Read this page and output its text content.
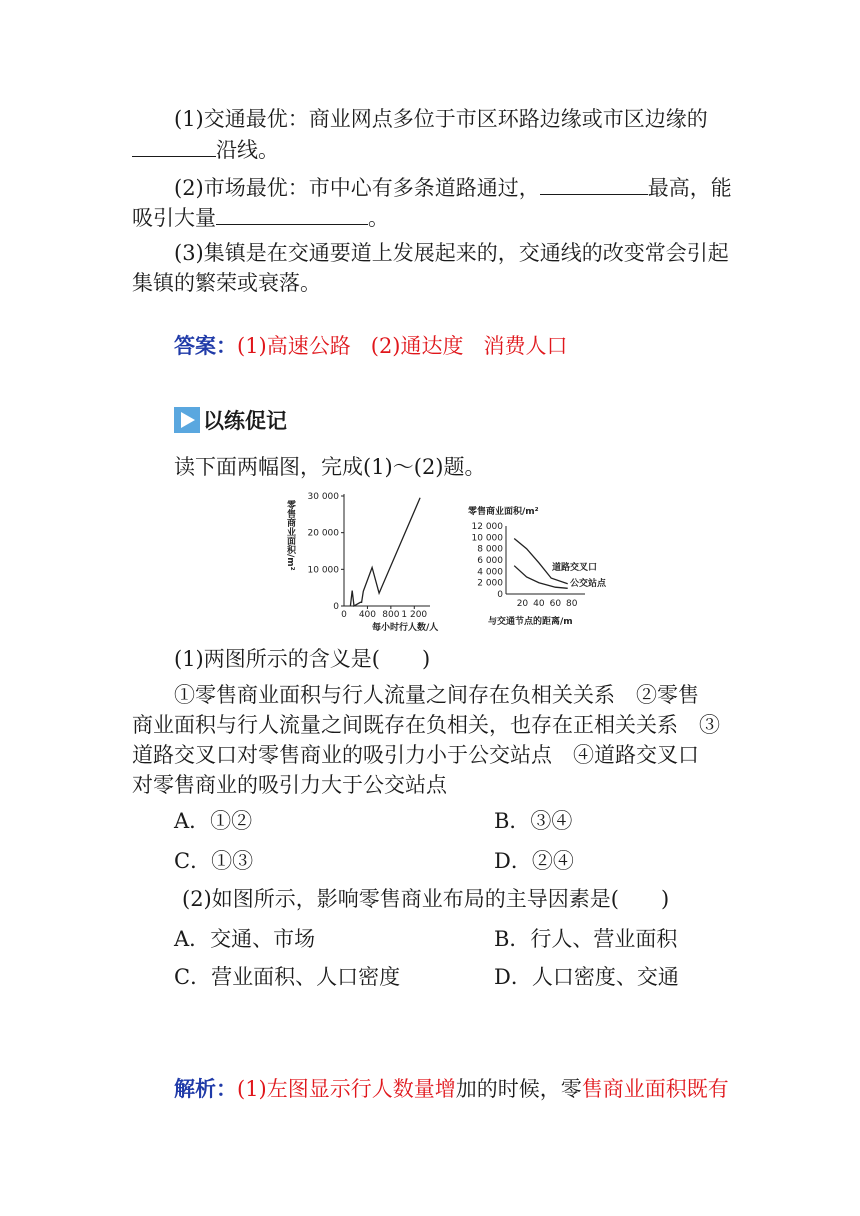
(1)交通最优：商业网点多位于市区环路边缘或市区边缘的
沿线。
(2)市场最优：市中心有多条道路通过，	最高，能
吸引大量	。
(3)集镇是在交通要道上发展起来的，交通线的改变常会引起
集镇的繁荣或衰落。
答案：(1)高速公路 (2)通达度 消费人口
以练促记
读下面两幅图，完成(1)～(2)题。
零售商业面积/m²
30 000
20 000
10 000
0
0 400 800 1 200
每小时行人数/人
零售商业面积/m²
12 000
10 000
8 000
6 000
4 000
2 000
0
20 40 60 80
道路交叉口
公交站点
与交通节点的距离/m
(1)两图所示的含义是(　　)
①零售商业面积与行人流量之间存在负相关关系　②零售
商业面积与行人流量之间既存在负相关，也存在正相关关系　③
道路交叉口对零售商业的吸引力小于公交站点　④道路交叉口
对零售商业的吸引力大于公交站点
A．①②	B．③④
C．①③	D．②④
(2)如图所示，影响零售商业布局的主导因素是(　　)
A．交通、市场	B．行人、营业面积
C．营业面积、人口密度	D．人口密度、交通
解析：(1)左图显示行人数量增加的时候，零售商业面积既有
